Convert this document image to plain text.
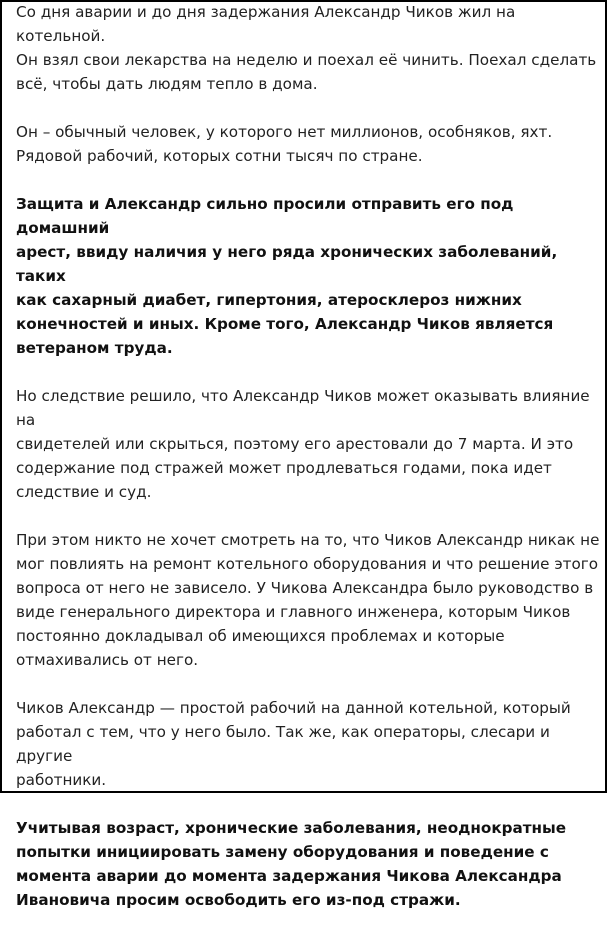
Со дня аварии и до дня задержания Александр Чиков жил на котельной.
Он взял свои лекарства на неделю и поехал её чинить. Поехал сделать
всё, чтобы дать людям тепло в дома.

Он – обычный человек, у которого нет миллионов, особняков, яхт.
Рядовой рабочий, которых сотни тысяч по стране.

Защита и Александр сильно просили отправить его под домашний
арест, ввиду наличия у него ряда хронических заболеваний, таких
как сахарный диабет, гипертония, атеросклероз нижних
конечностей и иных. Кроме того, Александр Чиков является
ветераном труда.

Но следствие решило, что Александр Чиков может оказывать влияние на
свидетелей или скрыться, поэтому его арестовали до 7 марта. И это
содержание под стражей может продлеваться годами, пока идет
следствие и суд.

При этом никто не хочет смотреть на то, что Чиков Александр никак не
мог повлиять на ремонт котельного оборудования и что решение этого
вопроса от него не зависело. У Чикова Александра было руководство в
виде генерального директора и главного инженера, которым Чиков
постоянно докладывал об имеющихся проблемах и которые
отмахивались от него.

Чиков Александр — простой рабочий на данной котельной, который
работал с тем, что у него было. Так же, как операторы, слесари и другие
работники.

Учитывая возраст, хронические заболевания, неоднократные
попытки инициировать замену оборудования и поведение с
момента аварии до момента задержания Чикова Александра
Ивановича просим освободить его из-под стражи.
